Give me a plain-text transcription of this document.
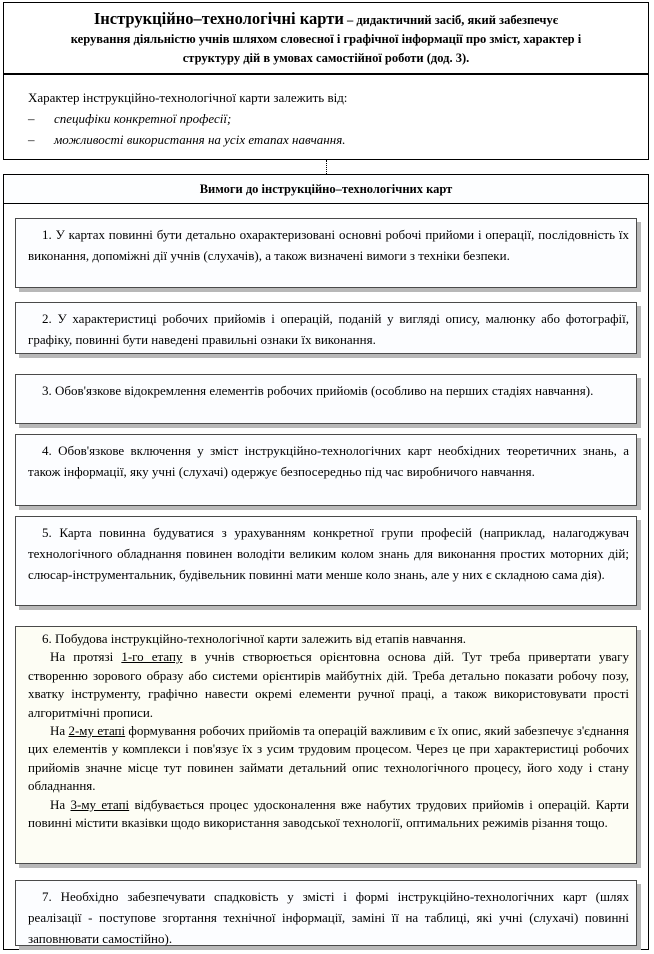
Інструкційно–технологічні карти – дидактичний засіб, який забезпечує
керування діяльністю учнів шляхом словесної і графічної інформації про зміст, характер і
структуру дій в умовах самостійної роботи (дод. 3).
Характер інструкційно-технологічної карти залежить від:
–	специфіки конкретної професії;
–	можливості використання на усіх етапах навчання.
Вимоги до інструкційно–технологічних карт

1. У картах повинні бути детально охарактеризовані основні робочі прийоми і операції, послідовність їх виконання, допоміжні дії учнів (слухачів), а також визначені вимоги з техніки безпеки.

2. У характеристиці робочих прийомів і операцій, поданій у вигляді опису, малюнку або фотографії, графіку, повинні бути наведені правильні ознаки їх виконання.

3. Обов'язкове відокремлення елементів робочих прийомів (особливо на перших стадіях навчання).

4. Обов'язкове включення у зміст інструкційно-технологічних карт необхідних теоретичних знань, а також інформації, яку учні (слухачі) одержує безпосередньо під час виробничого навчання.

5. Карта повинна будуватися з урахуванням конкретної групи професій (наприклад, налагоджувач технологічного обладнання повинен володіти великим колом знань для виконання простих моторних дій; слюсар-інструментальник, будівельник повинні мати менше коло знань, але у них є складною сама дія).

6. Побудова інструкційно-технологічної карти залежить від етапів навчання.

На протязі 1-го етапу в учнів створюється орієнтовна основа дій. Тут треба привертати увагу створенню зорового образу або системи орієнтирів майбутніх дій. Треба детально показати робочу позу, хватку інструменту, графічно навести окремі елементи ручної праці, а також використовувати прості алгоритмічні прописи.

На 2-му етапі формування робочих прийомів та операцій важливим є їх опис, який забезпечує з'єднання цих елементів у комплекси і пов'язує їх з усим трудовим процесом. Через це при характеристиці робочих прийомів значне місце тут повинен займати детальний опис технологічного процесу, його ходу і стану обладнання.

На 3-му етапі відбувається процес удосконалення вже набутих трудових прийомів і операцій. Карти повинні містити вказівки щодо використання заводської технології, оптимальних режимів різання тощо.

7. Необхідно забезпечувати спадковість у змісті і формі інструкційно-технологічних карт (шлях реалізації - поступове згортання технічної інформації, заміні її на таблиці, які учні (слухачі) повинні заповнювати самостійно).
